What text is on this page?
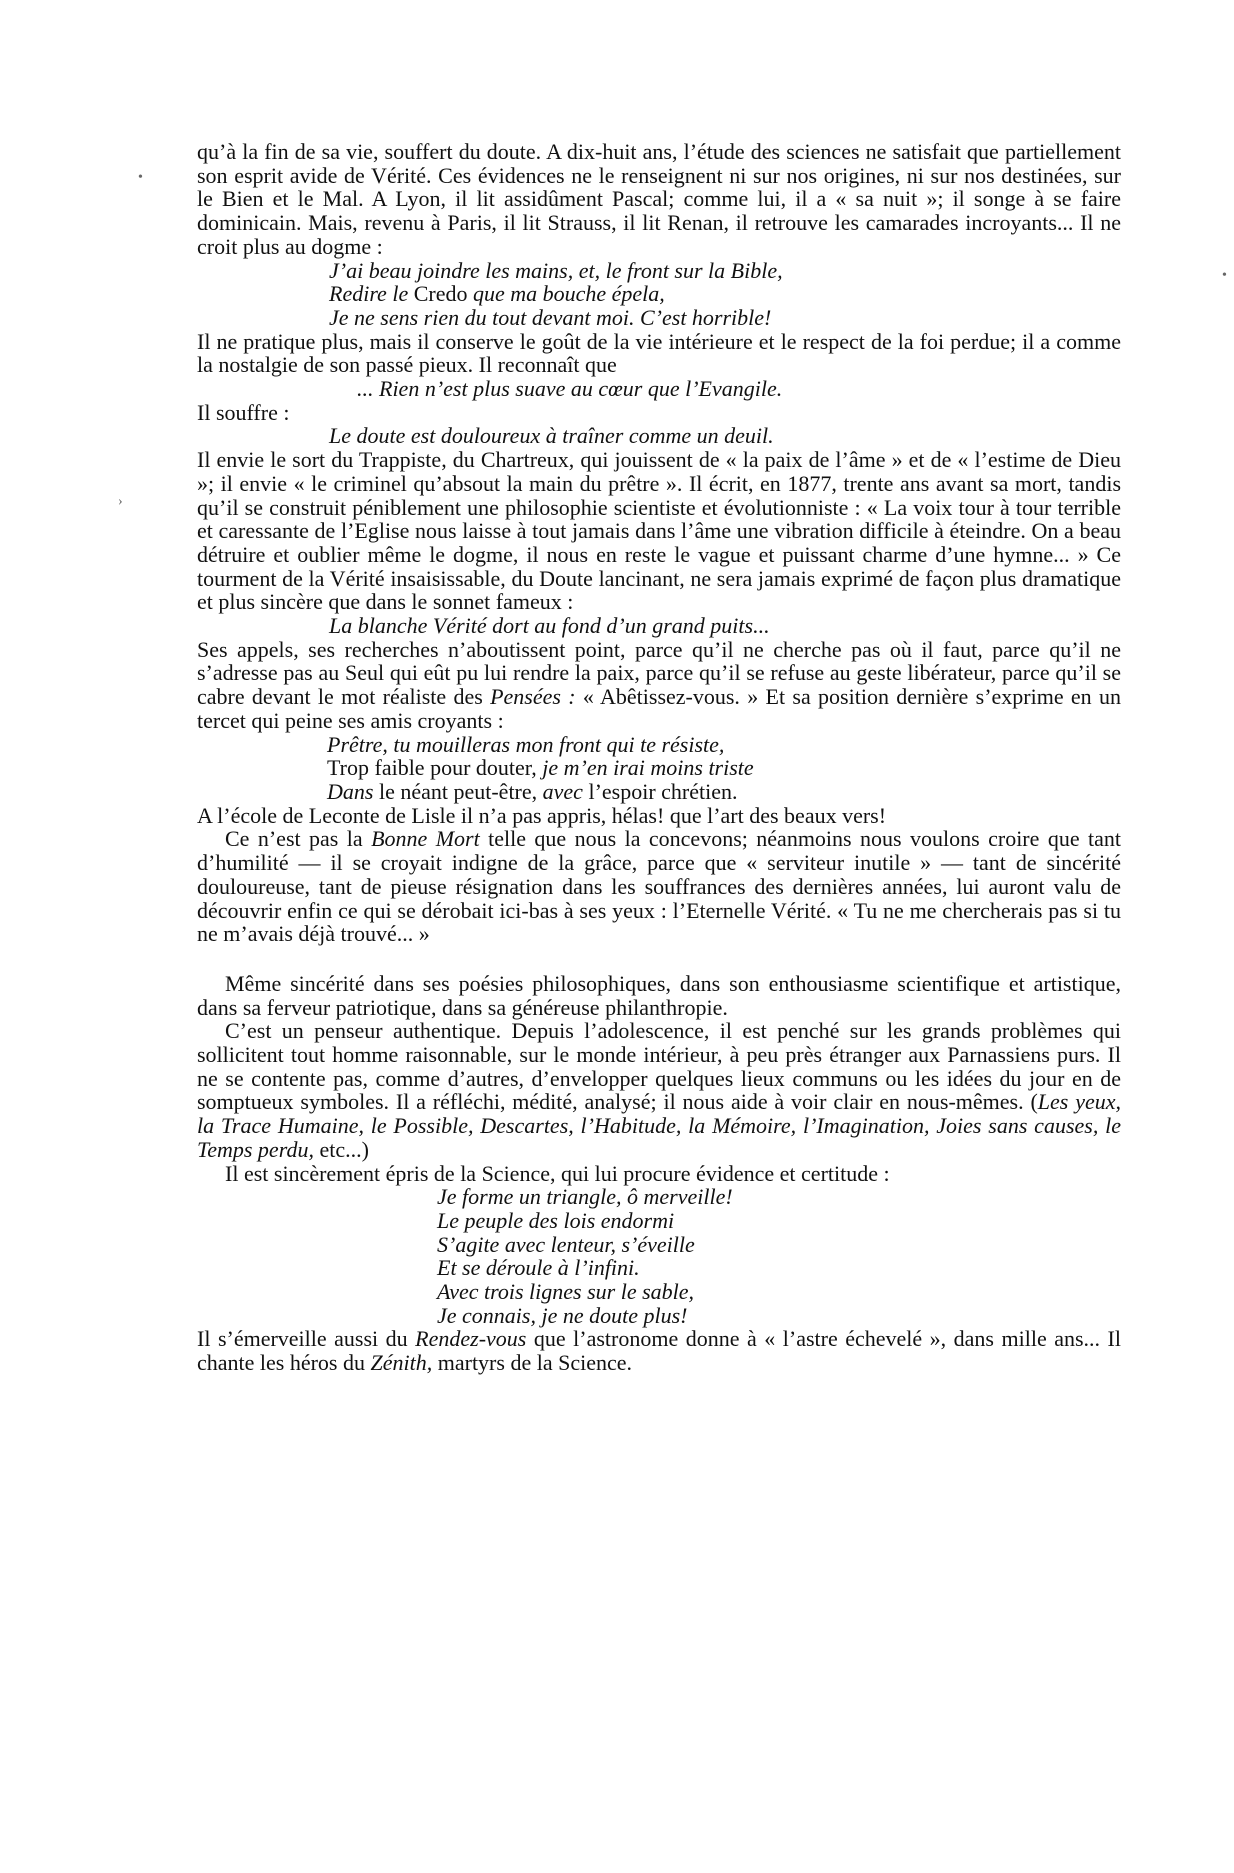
qu’à la fin de sa vie, souffert du doute. A dix-huit ans, l’étude des sciences ne satisfait que partiellement son esprit avide de Vérité. Ces évidences ne le renseignent ni sur nos origines, ni sur nos destinées, sur le Bien et le Mal. A Lyon, il lit assidûment Pascal; comme lui, il a « sa nuit »; il songe à se faire dominicain. Mais, revenu à Paris, il lit Strauss, il lit Renan, il retrouve les camarades incroyants... Il ne croit plus au dogme :

J’ai beau joindre les mains, et, le front sur la Bible,
Redire le Credo que ma bouche épela,
Je ne sens rien du tout devant moi. C’est horrible!

Il ne pratique plus, mais il conserve le goût de la vie intérieure et le respect de la foi perdue; il a comme la nostalgie de son passé pieux. Il reconnaît que

... Rien n’est plus suave au cœur que l’Evangile.

Il souffre :

Le doute est douloureux à traîner comme un deuil.

Il envie le sort du Trappiste, du Chartreux, qui jouissent de « la paix de l’âme » et de « l’estime de Dieu »; il envie « le criminel qu’absout la main du prêtre ». Il écrit, en 1877, trente ans avant sa mort, tandis qu’il se construit péniblement une philosophie scientiste et évolutionniste : « La voix tour à tour terrible et caressante de l’Eglise nous laisse à tout jamais dans l’âme une vibration difficile à éteindre. On a beau détruire et oublier même le dogme, il nous en reste le vague et puissant charme d’une hymne... » Ce tourment de la Vérité insaisissable, du Doute lancinant, ne sera jamais exprimé de façon plus dramatique et plus sincère que dans le sonnet fameux :

La blanche Vérité dort au fond d’un grand puits...

Ses appels, ses recherches n’aboutissent point, parce qu’il ne cherche pas où il faut, parce qu’il ne s’adresse pas au Seul qui eût pu lui rendre la paix, parce qu’il se refuse au geste libérateur, parce qu’il se cabre devant le mot réaliste des Pensées : « Abêtissez-vous. » Et sa position dernière s’exprime en un tercet qui peine ses amis croyants :

Prêtre, tu mouilleras mon front qui te résiste,
Trop faible pour douter, je m’en irai moins triste
Dans le néant peut-être, avec l’espoir chrétien.

A l’école de Leconte de Lisle il n’a pas appris, hélas! que l’art des beaux vers!

Ce n’est pas la Bonne Mort telle que nous la concevons; néanmoins nous voulons croire que tant d’humilité — il se croyait indigne de la grâce, parce que « serviteur inutile » — tant de sincérité douloureuse, tant de pieuse résignation dans les souffrances des dernières années, lui auront valu de découvrir enfin ce qui se dérobait ici-bas à ses yeux : l’Eternelle Vérité. « Tu ne me chercherais pas si tu ne m’avais déjà trouvé... »

Même sincérité dans ses poésies philosophiques, dans son enthousiasme scientifique et artistique, dans sa ferveur patriotique, dans sa généreuse philanthropie.

C’est un penseur authentique. Depuis l’adolescence, il est penché sur les grands problèmes qui sollicitent tout homme raisonnable, sur le monde intérieur, à peu près étranger aux Parnassiens purs. Il ne se contente pas, comme d’autres, d’envelopper quelques lieux communs ou les idées du jour en de somptueux symboles. Il a réfléchi, médité, analysé; il nous aide à voir clair en nous-mêmes. (Les yeux, la Trace Humaine, le Possible, Descartes, l’Habitude, la Mémoire, l’Imagination, Joies sans causes, le Temps perdu, etc...)

Il est sincèrement épris de la Science, qui lui procure évidence et certitude :

Je forme un triangle, ô merveille!
Le peuple des lois endormi
S’agite avec lenteur, s’éveille
Et se déroule à l’infini.
Avec trois lignes sur le sable,
Je connais, je ne doute plus!

Il s’émerveille aussi du Rendez-vous que l’astronome donne à « l’astre échevelé », dans mille ans... Il chante les héros du Zénith, martyrs de la Science.

•
•
›
